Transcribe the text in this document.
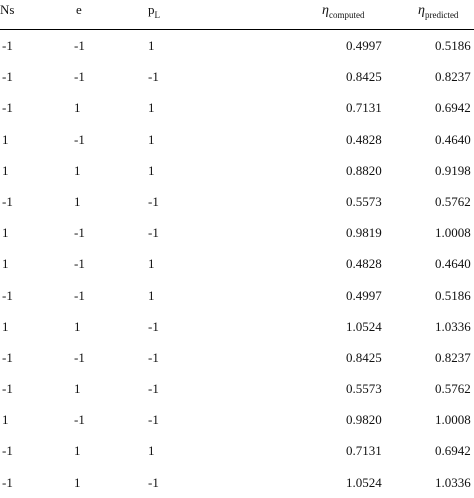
Ns	e	$p_L$	$\eta_{computed}$	$\eta_{predicted}$
-1	-1	1	0.4997	0.5186
-1	-1	-1	0.8425	0.8237
-1	1	1	0.7131	0.6942
1	-1	1	0.4828	0.4640
1	1	1	0.8820	0.9198
-1	1	-1	0.5573	0.5762
1	-1	-1	0.9819	1.0008
1	-1	1	0.4828	0.4640
-1	-1	1	0.4997	0.5186
1	1	-1	1.0524	1.0336
-1	-1	-1	0.8425	0.8237
-1	1	-1	0.5573	0.5762
1	-1	-1	0.9820	1.0008
-1	1	1	0.7131	0.6942
-1	1	-1	1.0524	1.0336
